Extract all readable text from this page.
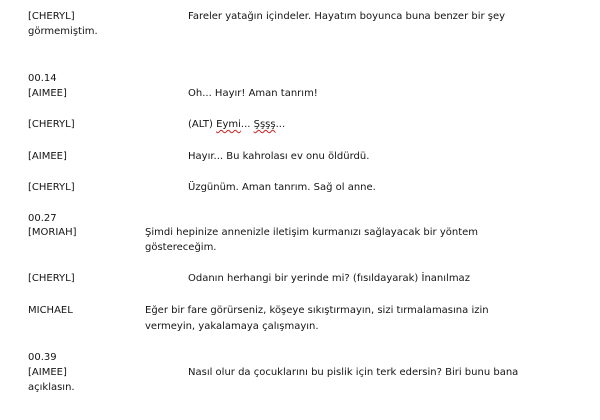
[CHERYL]	Fareler yatağın içindeler. Hayatım boyunca buna benzer bir şey
görmemiştim.
00.14
[AIMEE]	Oh... Hayır! Aman tanrım!
[CHERYL]	(ALT) Eymi... Şşşş...
[AIMEE]	Hayır... Bu kahrolası ev onu öldürdü.
[CHERYL]	Üzgünüm. Aman tanrım. Sağ ol anne.
00.27
[MORIAH]	Şimdi hepinize annenizle iletişim kurmanızı sağlayacak bir yöntem
göstereceğim.
[CHERYL]	Odanın herhangi bir yerinde mi? (fısıldayarak) İnanılmaz
MICHAEL	Eğer bir fare görürseniz, köşeye sıkıştırmayın, sizi tırmalamasına izin
vermeyin, yakalamaya çalışmayın.
00.39
[AIMEE]	Nasıl olur da çocuklarını bu pislik için terk edersin? Biri bunu bana
açıklasın.
